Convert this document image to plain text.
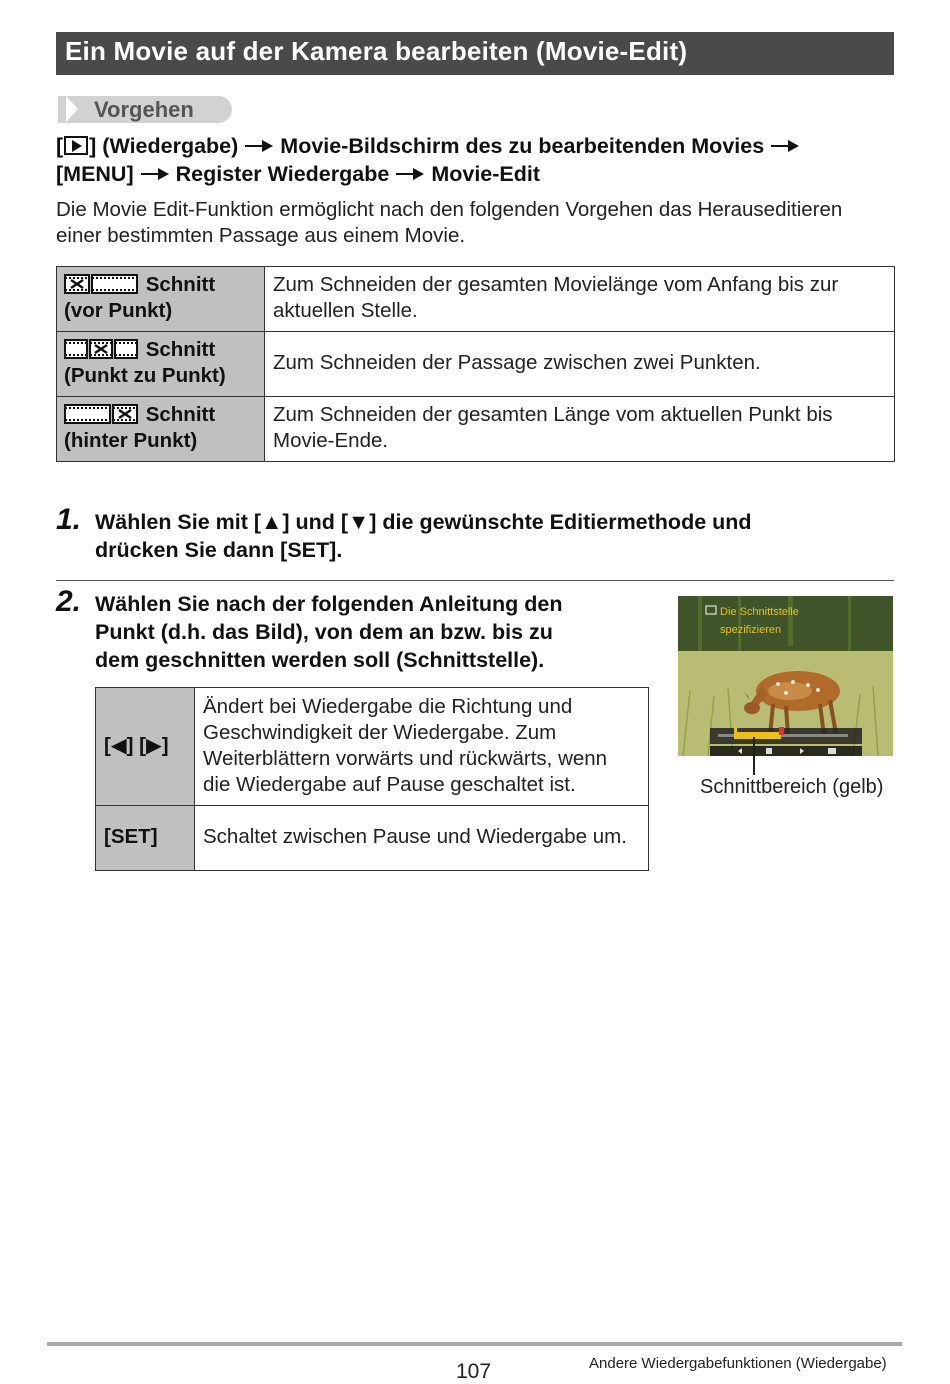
Ein Movie auf der Kamera bearbeiten (Movie-Edit)
Vorgehen
[ ] (Wiedergabe) Movie-Bildschirm des zu bearbeitenden Movies
[MENU] Register Wiedergabe Movie-Edit
Die Movie Edit-Funktion ermöglicht nach den folgenden Vorgehen das Herauseditieren einer bestimmten Passage aus einem Movie.
Schnitt
(vor Punkt)	Zum Schneiden der gesamten Movielänge vom Anfang bis zur aktuellen Stelle.
Schnitt
(Punkt zu Punkt)	Zum Schneiden der Passage zwischen zwei Punkten.
Schnitt
(hinter Punkt)	Zum Schneiden der gesamten Länge vom aktuellen Punkt bis Movie-Ende.
1. Wählen Sie mit [▲] und [▼] die gewünschte Editiermethode und
drücken Sie dann [SET].
2. Wählen Sie nach der folgenden Anleitung den
Punkt (d.h. das Bild), von dem an bzw. bis zu
dem geschnitten werden soll (Schnittstelle).
[◀] [▶]	Ändert bei Wiedergabe die Richtung und Geschwindigkeit der Wiedergabe. Zum Weiterblättern vorwärts und rückwärts, wenn die Wiedergabe auf Pause geschaltet ist.
[SET]	Schaltet zwischen Pause und Wiedergabe um.
Die Schnittstelle
spezifizieren
Schnittbereich (gelb)
107	Andere Wiedergabefunktionen (Wiedergabe)
